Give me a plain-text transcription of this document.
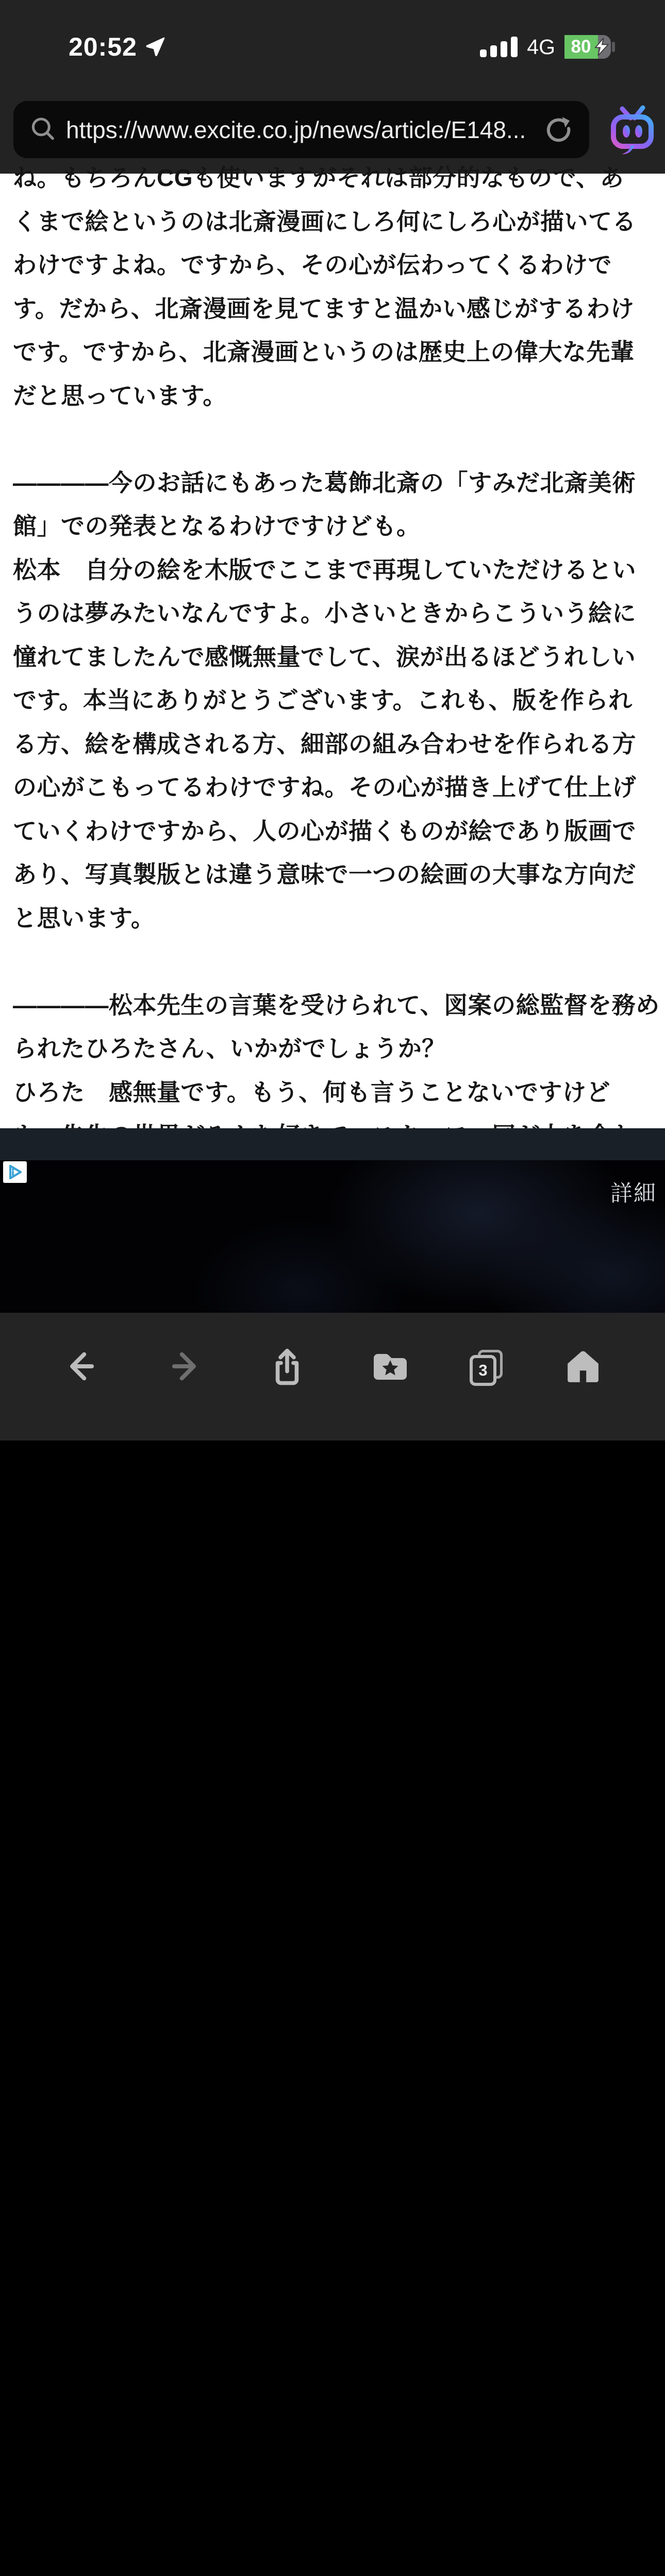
20:52	4G 80
https://www.excite.co.jp/news/article/E148...
ね。もちろんCGも使いますがそれは部分的なもので、あ
くまで絵というのは北斎漫画にしろ何にしろ心が描いてる
わけですよね。ですから、その心が伝わってくるわけで
す。だから、北斎漫画を見てますと温かい感じがするわけ
です。ですから、北斎漫画というのは歴史上の偉大な先輩
だと思っています。
――――今のお話にもあった葛飾北斎の「すみだ北斎美術
館」での発表となるわけですけども。
松本　自分の絵を木版でここまで再現していただけるとい
うのは夢みたいなんですよ。小さいときからこういう絵に
憧れてましたんで感慨無量でして、涙が出るほどうれしい
です。本当にありがとうございます。これも、版を作られ
る方、絵を構成される方、細部の組み合わせを作られる方
の心がこもってるわけですね。その心が描き上げて仕上げ
ていくわけですから、人の心が描くものが絵であり版画で
あり、写真製版とは違う意味で一つの絵画の大事な方向だ
と思います。
――――松本先生の言葉を受けられて、図案の総監督を務め
られたひろたさん、いかがでしょうか？
ひろた　感無量です。もう、何も言うことないですけど
詳細
3
